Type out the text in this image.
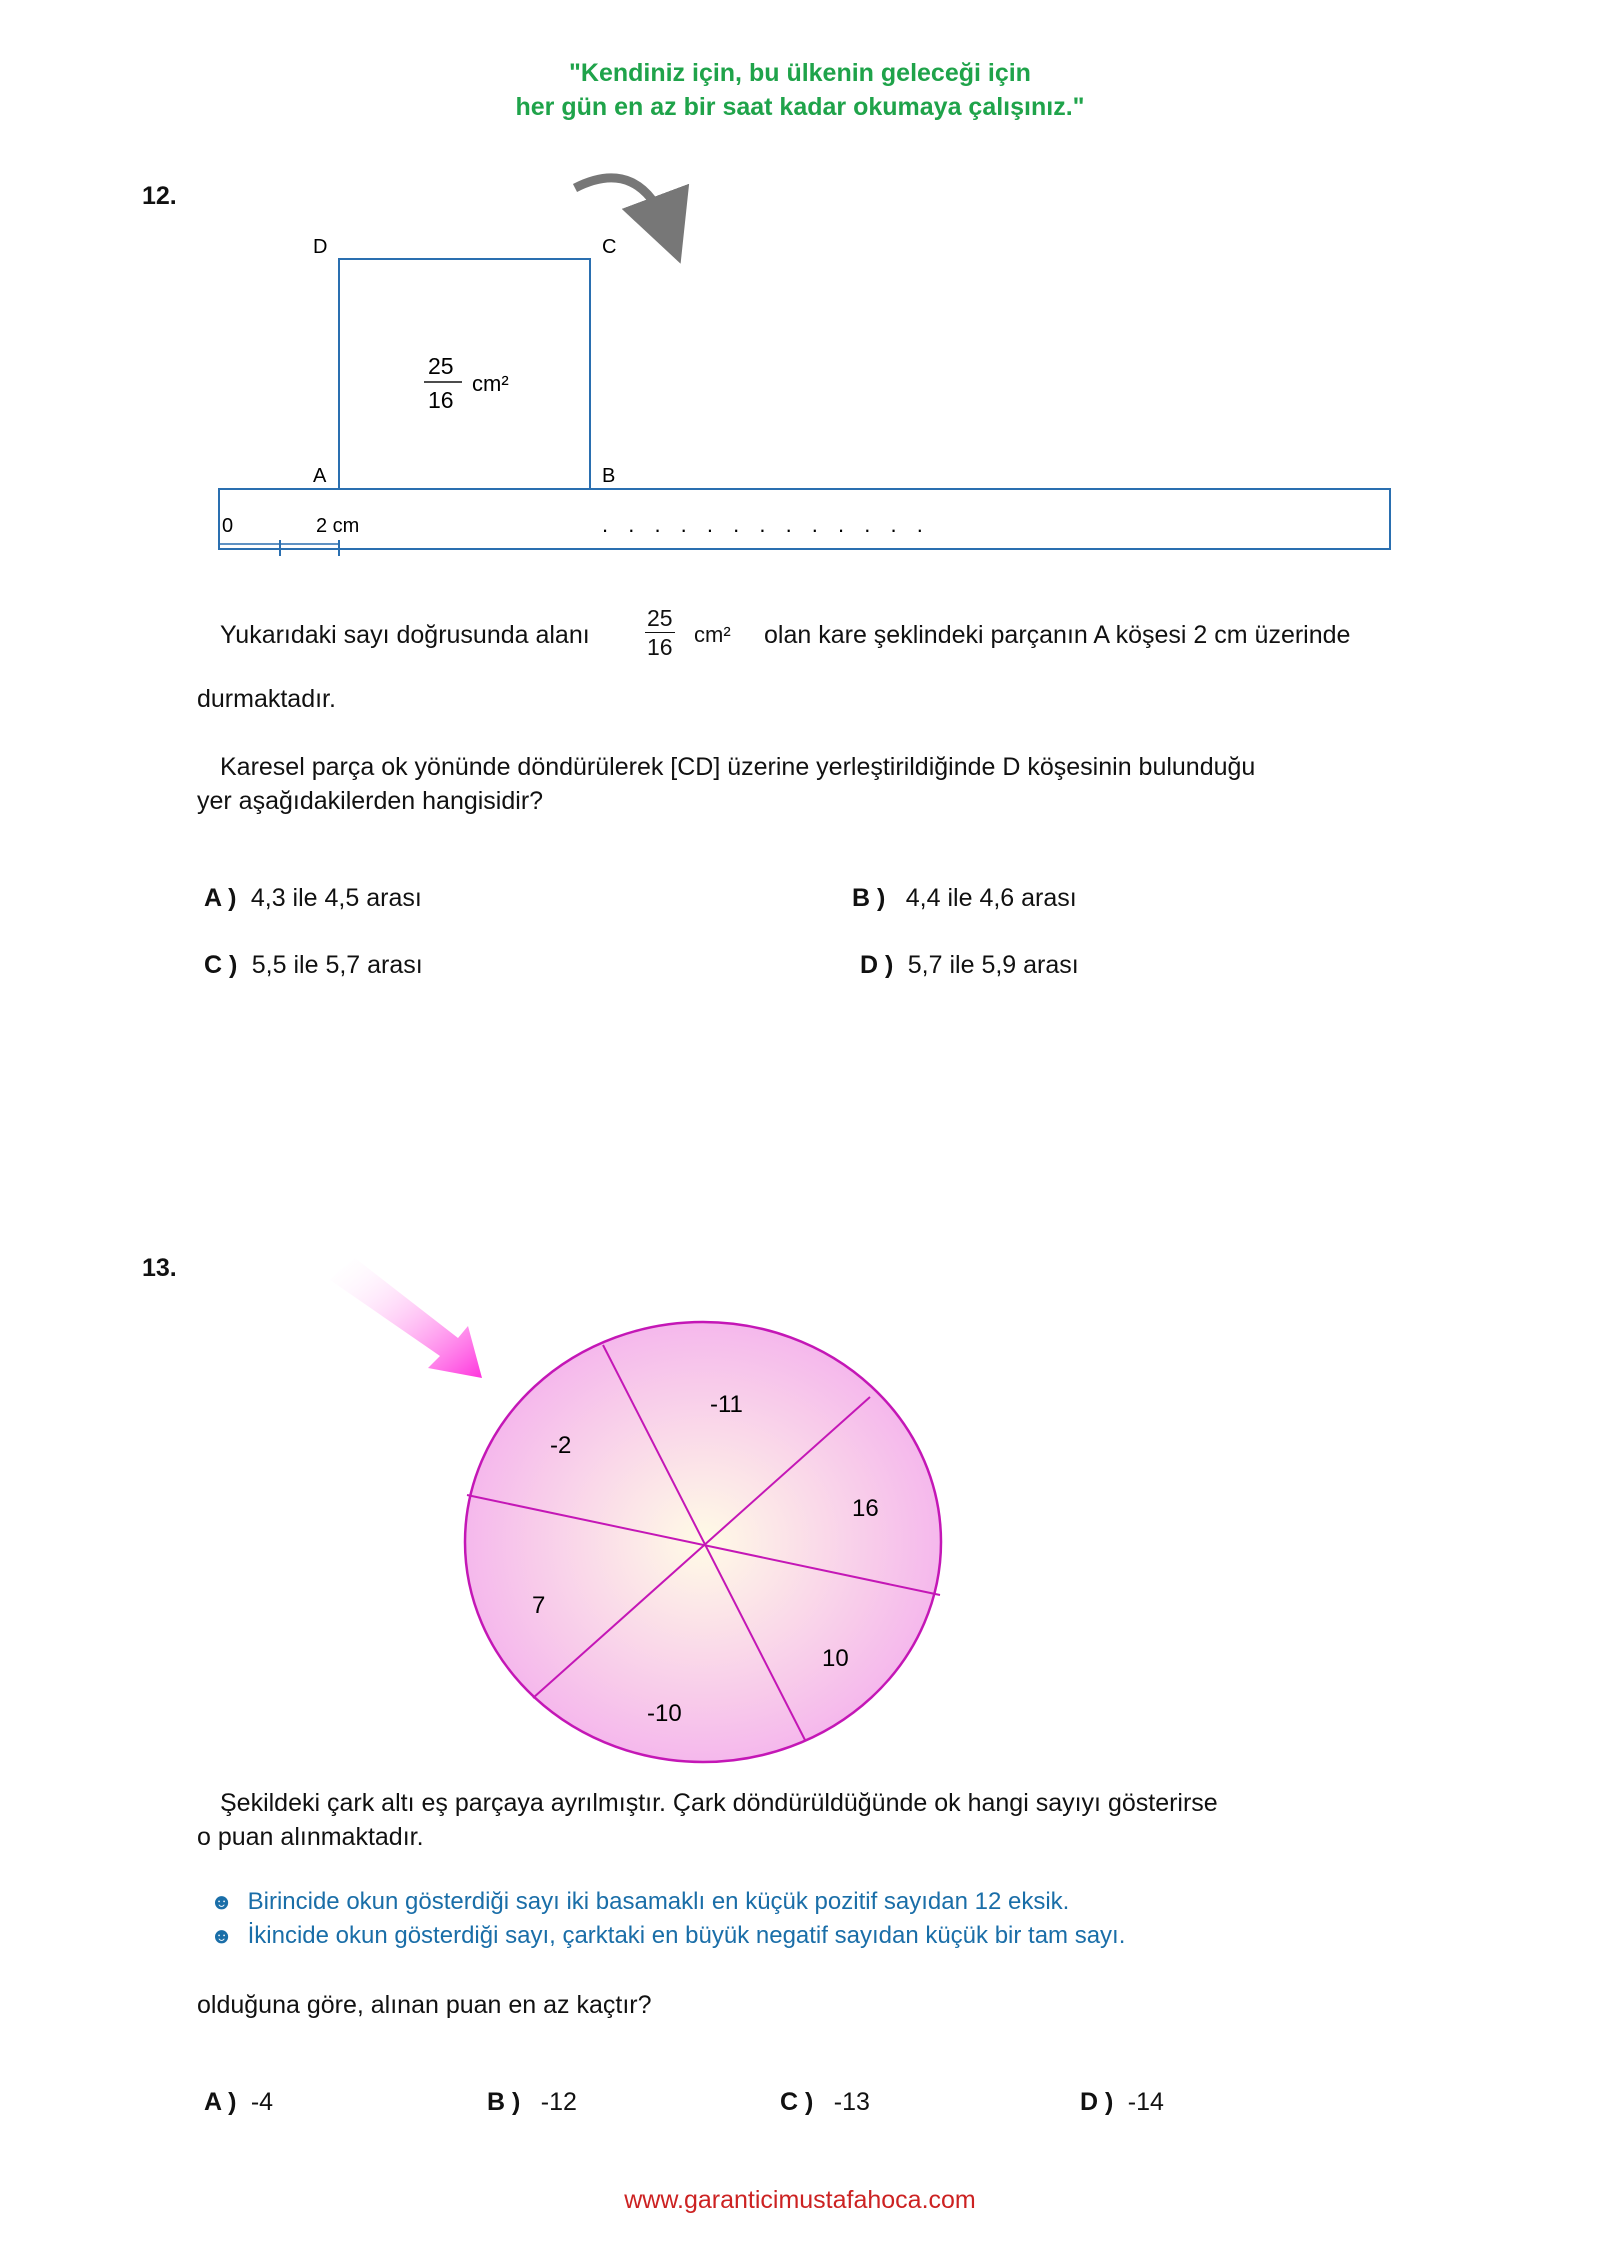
"Kendiniz için, bu ülkenin geleceği için
her gün en az bir saat kadar okumaya çalışınız."
12.
D	C
A	B
0	2 cm	. . . . . . . . . . . . .
25
16
cm²
Yukarıdaki sayı doğrusunda alanı $\frac{25}{16} cm^2$ olan kare şeklindeki parçanın A köşesi 2 cm üzerinde
durmaktadır.
Karesel parça ok yönünde döndürülerek [CD] üzerine yerleştirildiğinde D köşesinin bulunduğu
yer aşağıdakilerden hangisidir?
A ) 4,3 ile 4,5 arası	B ) 4,4 ile 4,6 arası
C ) 5,5 ile 5,7 arası	D ) 5,7 ile 5,9 arası
13.
-2
-11
16
10
-10
7
Şekildeki çark altı eş parçaya ayrılmıştır. Çark döndürüldüğünde ok hangi sayıyı gösterirse
o puan alınmaktadır.
☻ Birincide okun gösterdiği sayı iki basamaklı en küçük pozitif sayıdan 12 eksik.
☻ İkincide okun gösterdiği sayı, çarktaki en büyük negatif sayıdan küçük bir tam sayı.
olduğuna göre, alınan puan en az kaçtır?
A ) -4	B ) -12	C ) -13	D ) -14
www.garanticimustafahoca.com
